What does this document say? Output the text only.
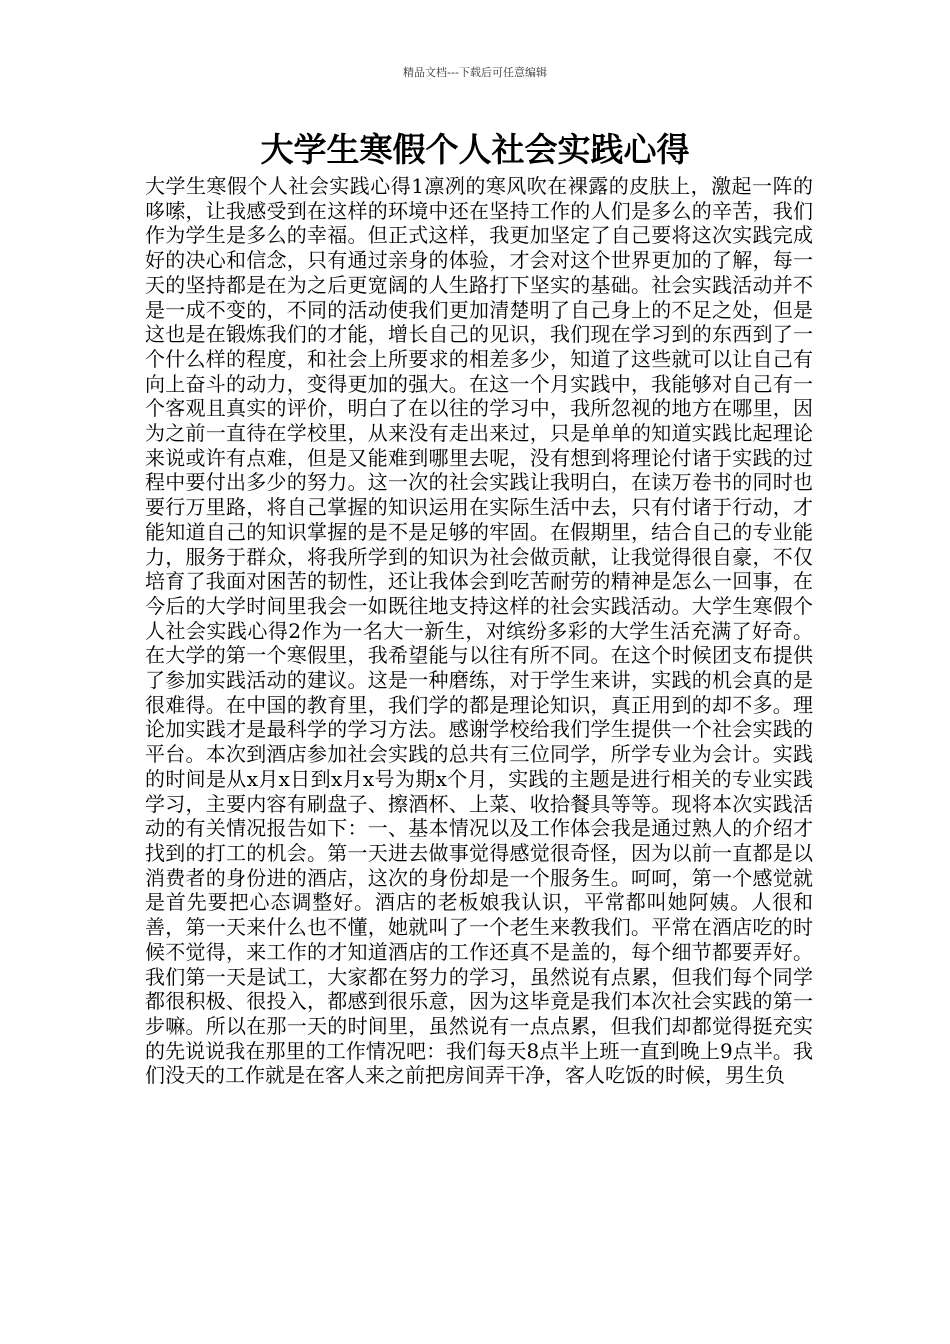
精品文档---下载后可任意编辑
大学生寒假个人社会实践心得

大学生寒假个人社会实践心得1凛冽的寒风吹在裸露的皮肤上，激起一阵的哆嗦，让我感受到在这样的环境中还在坚持工作的人们是多么的辛苦，我们作为学生是多么的幸福。但正式这样，我更加坚定了自己要将这次实践完成好的决心和信念，只有通过亲身的体验，才会对这个世界更加的了解，每一天的坚持都是在为之后更宽阔的人生路打下坚实的基础。社会实践活动并不是一成不变的，不同的活动使我们更加清楚明了自己身上的不足之处，但是这也是在锻炼我们的才能，增长自己的见识，我们现在学习到的东西到了一个什么样的程度，和社会上所要求的相差多少，知道了这些就可以让自己有向上奋斗的动力，变得更加的强大。在这一个月实践中，我能够对自己有一个客观且真实的评价，明白了在以往的学习中，我所忽视的地方在哪里，因为之前一直待在学校里，从来没有走出来过，只是单单的知道实践比起理论来说或许有点难，但是又能难到哪里去呢，没有想到将理论付诸于实践的过程中要付出多少的努力。这一次的社会实践让我明白，在读万卷书的同时也要行万里路，将自己掌握的知识运用在实际生活中去，只有付诸于行动，才能知道自己的知识掌握的是不是足够的牢固。在假期里，结合自己的专业能力，服务于群众，将我所学到的知识为社会做贡献，让我觉得很自豪，不仅培育了我面对困苦的韧性，还让我体会到吃苦耐劳的精神是怎么一回事，在今后的大学时间里我会一如既往地支持这样的社会实践活动。大学生寒假个人社会实践心得2作为一名大一新生，对缤纷多彩的大学生活充满了好奇。在大学的第一个寒假里，我希望能与以往有所不同。在这个时候团支布提供了参加实践活动的建议。这是一种磨练，对于学生来讲，实践的机会真的是很难得。在中国的教育里，我们学的都是理论知识，真正用到的却不多。理论加实践才是最科学的学习方法。感谢学校给我们学生提供一个社会实践的平台。本次到酒店参加社会实践的总共有三位同学，所学专业为会计。实践的时间是从x月x日到x月x号为期x个月，实践的主题是进行相关的专业实践学习，主要内容有刷盘子、擦酒杯、上菜、收拾餐具等等。现将本次实践活动的有关情况报告如下：一、基本情况以及工作体会我是通过熟人的介绍才找到的打工的机会。第一天进去做事觉得感觉很奇怪，因为以前一直都是以消费者的身份进的酒店，这次的身份却是一个服务生。呵呵，第一个感觉就是首先要把心态调整好。酒店的老板娘我认识，平常都叫她阿姨。人很和善，第一天来什么也不懂，她就叫了一个老生来教我们。平常在酒店吃的时候不觉得，来工作的才知道酒店的工作还真不是盖的，每个细节都要弄好。我们第一天是试工，大家都在努力的学习，虽然说有点累，但我们每个同学都很积极、很投入，都感到很乐意，因为这毕竟是我们本次社会实践的第一步嘛。所以在那一天的时间里，虽然说有一点点累，但我们却都觉得挺充实的先说说我在那里的工作情况吧：我们每天8点半上班一直到晚上9点半。我们没天的工作就是在客人来之前把房间弄干净，客人吃饭的时候，男生负
